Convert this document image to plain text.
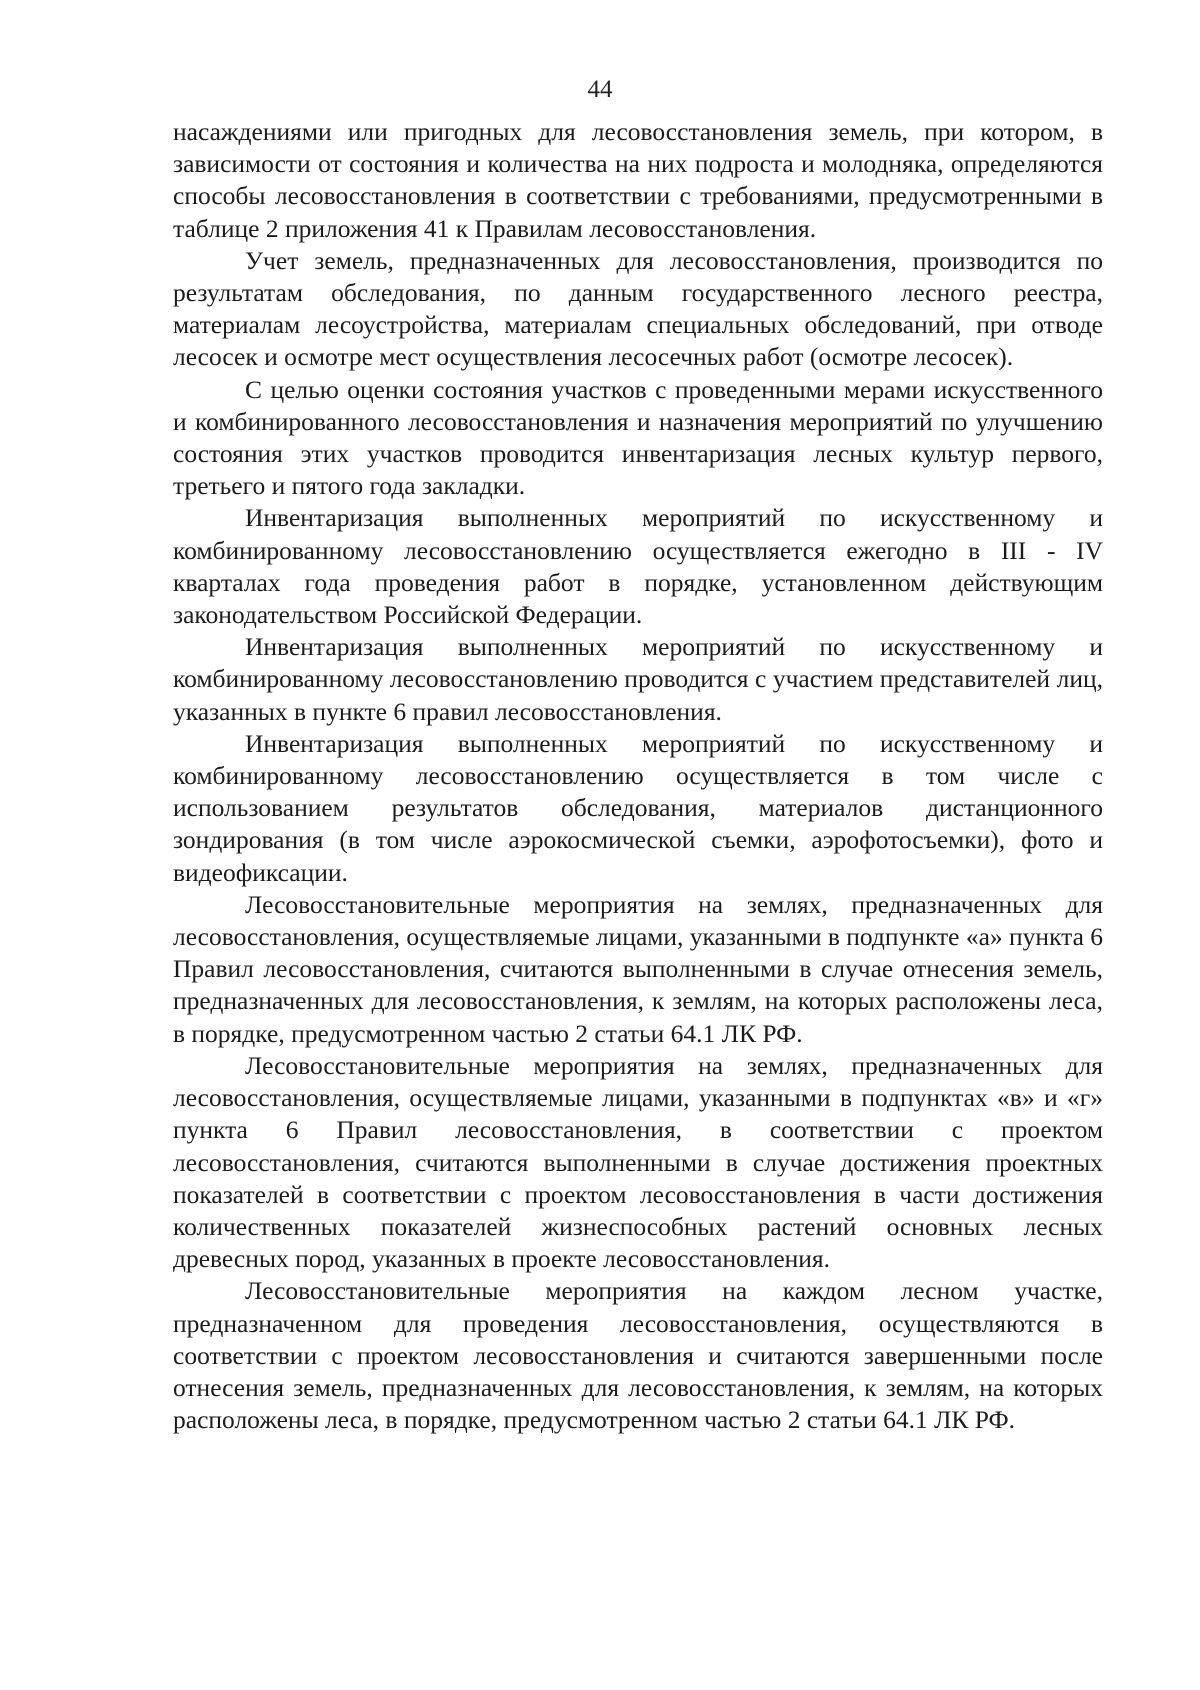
44

насаждениями или пригодных для лесовосстановления земель, при котором, в зависимости от состояния и количества на них подроста и молодняка, определяются способы лесовосстановления в соответствии с требованиями, предусмотренными в таблице 2 приложения 41 к Правилам лесовосстановления.

Учет земель, предназначенных для лесовосстановления, производится по результатам обследования, по данным государственного лесного реестра, материалам лесоустройства, материалам специальных обследований, при отводе лесосек и осмотре мест осуществления лесосечных работ (осмотре лесосек).

С целью оценки состояния участков с проведенными мерами искусственного и комбинированного лесовосстановления и назначения мероприятий по улучшению состояния этих участков проводится инвентаризация лесных культур первого, третьего и пятого года закладки.

Инвентаризация выполненных мероприятий по искусственному и комбинированному лесовосстановлению осуществляется ежегодно в III - IV кварталах года проведения работ в порядке, установленном действующим законодательством Российской Федерации.

Инвентаризация выполненных мероприятий по искусственному и комбинированному лесовосстановлению проводится с участием представителей лиц, указанных в пункте 6 правил лесовосстановления.

Инвентаризация выполненных мероприятий по искусственному и комбинированному лесовосстановлению осуществляется в том числе с использованием результатов обследования, материалов дистанционного зондирования (в том числе аэрокосмической съемки, аэрофотосъемки), фото и видеофиксации.

Лесовосстановительные мероприятия на землях, предназначенных для лесовосстановления, осуществляемые лицами, указанными в подпункте «а» пункта 6 Правил лесовосстановления, считаются выполненными в случае отнесения земель, предназначенных для лесовосстановления, к землям, на которых расположены леса, в порядке, предусмотренном частью 2 статьи 64.1 ЛК РФ.

Лесовосстановительные мероприятия на землях, предназначенных для лесовосстановления, осуществляемые лицами, указанными в подпунктах «в» и «г» пункта 6 Правил лесовосстановления, в соответствии с проектом лесовосстановления, считаются выполненными в случае достижения проектных показателей в соответствии с проектом лесовосстановления в части достижения количественных показателей жизнеспособных растений основных лесных древесных пород, указанных в проекте лесовосстановления.

Лесовосстановительные мероприятия на каждом лесном участке, предназначенном для проведения лесовосстановления, осуществляются в соответствии с проектом лесовосстановления и считаются завершенными после отнесения земель, предназначенных для лесовосстановления, к землям, на которых расположены леса, в порядке, предусмотренном частью 2 статьи 64.1 ЛК РФ.
